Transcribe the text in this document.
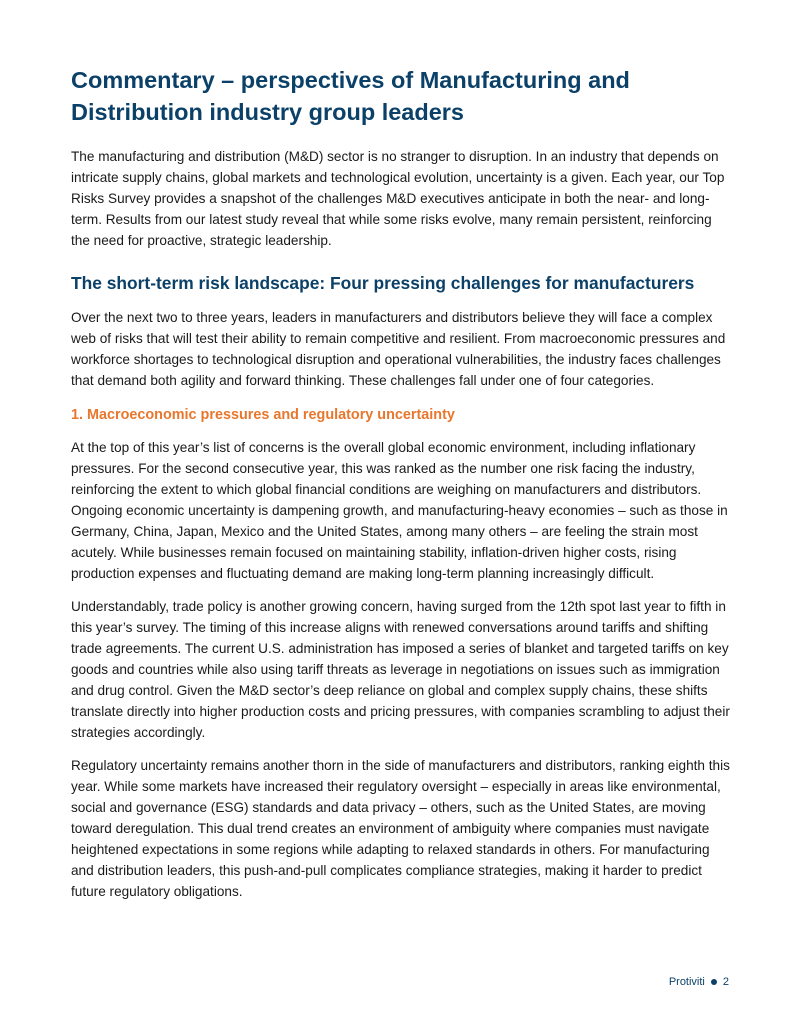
Commentary – perspectives of Manufacturing and Distribution industry group leaders

The manufacturing and distribution (M&D) sector is no stranger to disruption. In an industry that depends on intricate supply chains, global markets and technological evolution, uncertainty is a given. Each year, our Top Risks Survey provides a snapshot of the challenges M&D executives anticipate in both the near- and long-term. Results from our latest study reveal that while some risks evolve, many remain persistent, reinforcing the need for proactive, strategic leadership.

The short-term risk landscape: Four pressing challenges for manufacturers

Over the next two to three years, leaders in manufacturers and distributors believe they will face a complex web of risks that will test their ability to remain competitive and resilient. From macroeconomic pressures and workforce shortages to technological disruption and operational vulnerabilities, the industry faces challenges that demand both agility and forward thinking. These challenges fall under one of four categories.

1. Macroeconomic pressures and regulatory uncertainty

At the top of this year’s list of concerns is the overall global economic environment, including inflationary pressures. For the second consecutive year, this was ranked as the number one risk facing the industry, reinforcing the extent to which global financial conditions are weighing on manufacturers and distributors. Ongoing economic uncertainty is dampening growth, and manufacturing-heavy economies – such as those in Germany, China, Japan, Mexico and the United States, among many others – are feeling the strain most acutely. While businesses remain focused on maintaining stability, inflation-driven higher costs, rising production expenses and fluctuating demand are making long-term planning increasingly difficult.

Understandably, trade policy is another growing concern, having surged from the 12th spot last year to fifth in this year’s survey. The timing of this increase aligns with renewed conversations around tariffs and shifting trade agreements. The current U.S. administration has imposed a series of blanket and targeted tariffs on key goods and countries while also using tariff threats as leverage in negotiations on issues such as immigration and drug control. Given the M&D sector’s deep reliance on global and complex supply chains, these shifts translate directly into higher production costs and pricing pressures, with companies scrambling to adjust their strategies accordingly.

Regulatory uncertainty remains another thorn in the side of manufacturers and distributors, ranking eighth this year. While some markets have increased their regulatory oversight – especially in areas like environmental, social and governance (ESG) standards and data privacy – others, such as the United States, are moving toward deregulation. This dual trend creates an environment of ambiguity where companies must navigate heightened expectations in some regions while adapting to relaxed standards in others. For manufacturing and distribution leaders, this push-and-pull complicates compliance strategies, making it harder to predict future regulatory obligations.

Protiviti 2
